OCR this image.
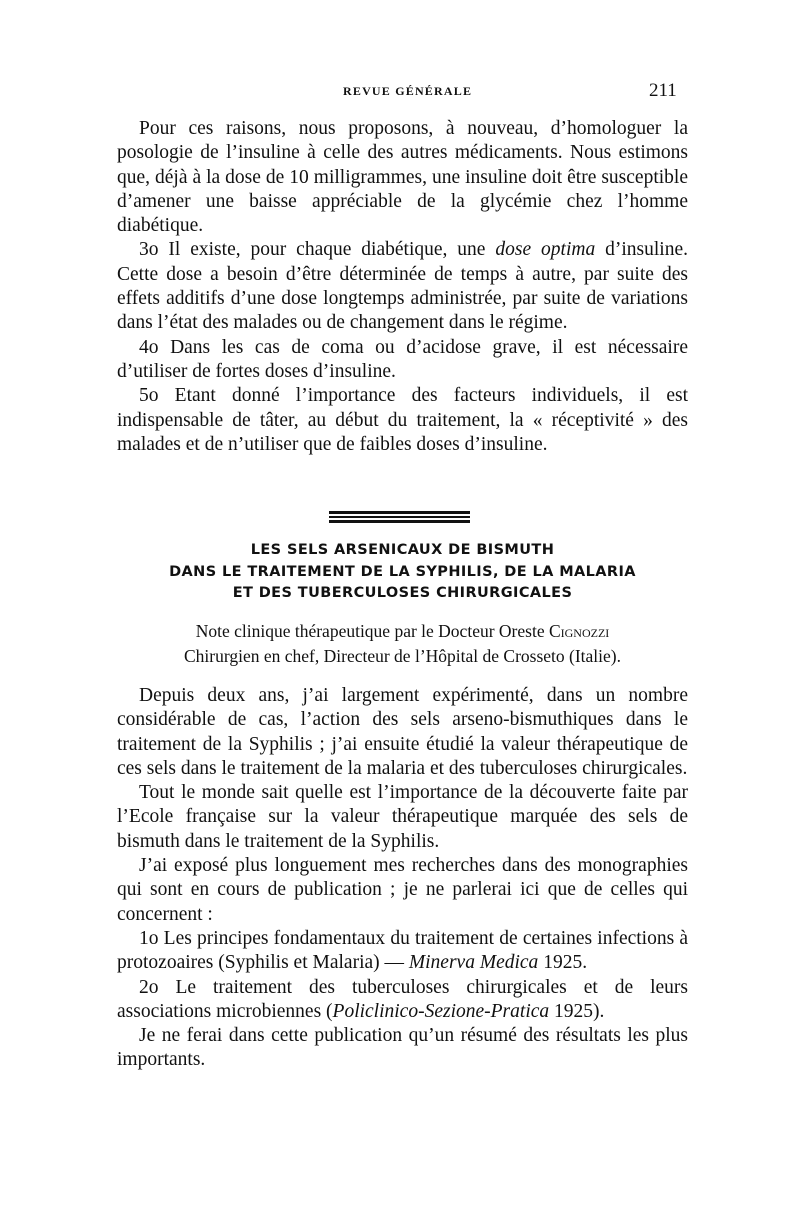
REVUE GÉNÉRALE	211

Pour ces raisons, nous proposons, à nouveau, d’homologuer la posologie de l’insuline à celle des autres médicaments. Nous estimons que, déjà à la dose de 10 milligrammes, une insuline doit être susceptible d’amener une baisse appréciable de la glycémie chez l’homme diabétique.

3o Il existe, pour chaque diabétique, une dose optima d’insuline. Cette dose a besoin d’être déterminée de temps à autre, par suite des effets additifs d’une dose longtemps administrée, par suite de variations dans l’état des malades ou de changement dans le régime.

4o Dans les cas de coma ou d’acidose grave, il est nécessaire d’utiliser de fortes doses d’insuline.

5o Etant donné l’importance des facteurs individuels, il est indispensable de tâter, au début du traitement, la « réceptivité » des malades et de n’utiliser que de faibles doses d’insuline.

LES SELS ARSENICAUX DE BISMUTH
DANS LE TRAITEMENT DE LA SYPHILIS, DE LA MALARIA
ET DES TUBERCULOSES CHIRURGICALES
Note clinique thérapeutique par le Docteur Oreste Cignozzi
Chirurgien en chef, Directeur de l’Hôpital de Crosseto (Italie).

Depuis deux ans, j’ai largement expérimenté, dans un nombre considérable de cas, l’action des sels arseno-bismuthiques dans le traitement de la Syphilis ; j’ai ensuite étudié la valeur thérapeutique de ces sels dans le traitement de la malaria et des tuberculoses chirurgicales.

Tout le monde sait quelle est l’importance de la découverte faite par l’Ecole française sur la valeur thérapeutique marquée des sels de bismuth dans le traitement de la Syphilis.

J’ai exposé plus longuement mes recherches dans des monographies qui sont en cours de publication ; je ne parlerai ici que de celles qui concernent :

1o Les principes fondamentaux du traitement de certaines infections à protozoaires (Syphilis et Malaria) — Minerva Medica 1925.

2o Le traitement des tuberculoses chirurgicales et de leurs associations microbiennes (Policlinico-Sezione-Pratica 1925).

Je ne ferai dans cette publication qu’un résumé des résultats les plus importants.
